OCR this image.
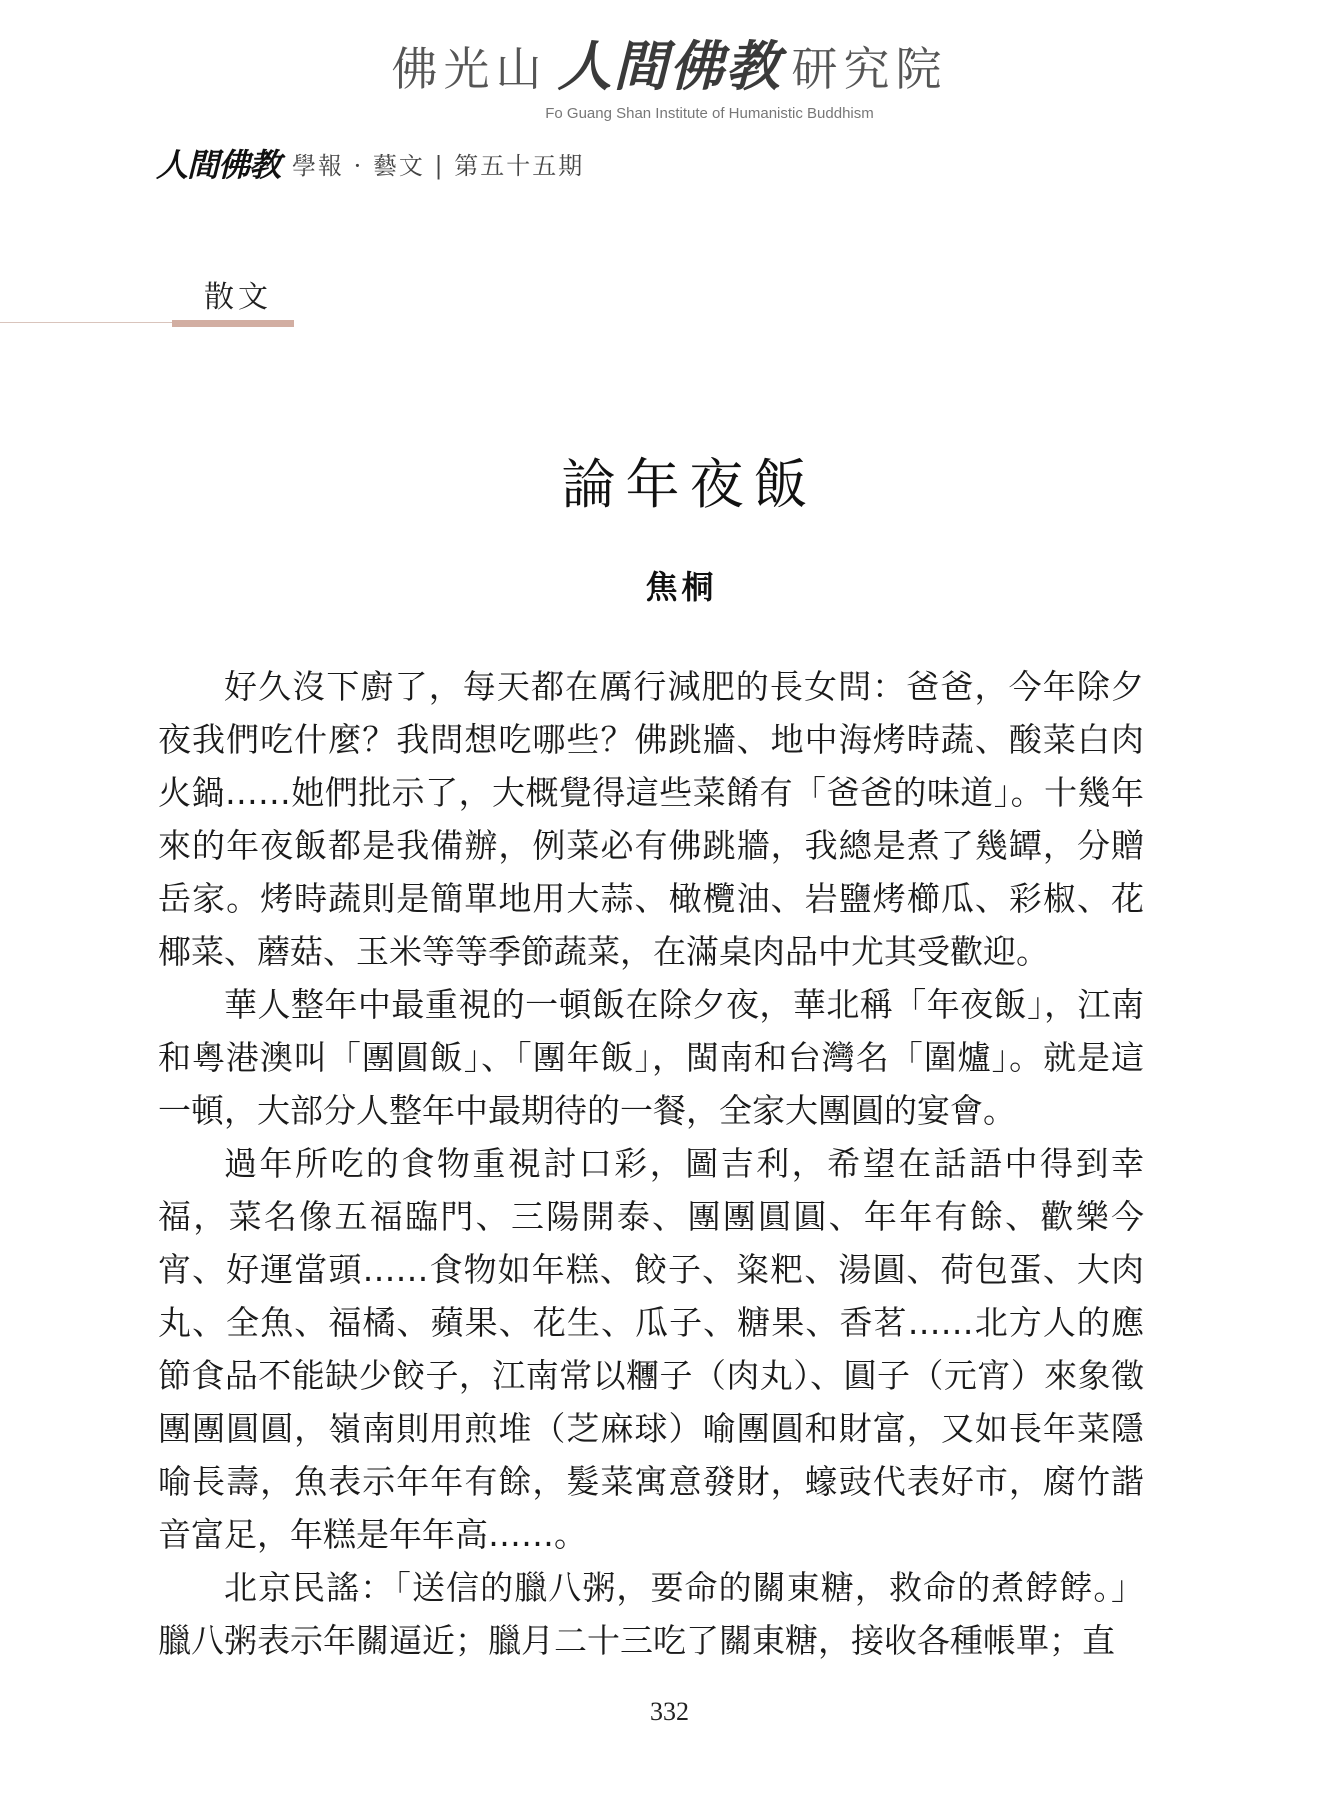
佛光山 人間佛教 研究院
Fo Guang Shan Institute of Humanistic Buddhism
人間佛教 學報 · 藝文 | 第五十五期
散文
論年夜飯
焦桐

好久沒下廚了，每天都在厲行減肥的長女問：爸爸，今年除夕夜我們吃什麼？我問想吃哪些？佛跳牆、地中海烤時蔬、酸菜白肉火鍋……她們批示了，大概覺得這些菜餚有「爸爸的味道」。十幾年來的年夜飯都是我備辦，例菜必有佛跳牆，我總是煮了幾罈，分贈岳家。烤時蔬則是簡單地用大蒜、橄欖油、岩鹽烤櫛瓜、彩椒、花椰菜、蘑菇、玉米等等季節蔬菜，在滿桌肉品中尤其受歡迎。

華人整年中最重視的一頓飯在除夕夜，華北稱「年夜飯」，江南和粵港澳叫「團圓飯」、「團年飯」，閩南和台灣名「圍爐」。就是這一頓，大部分人整年中最期待的一餐，全家大團圓的宴會。

過年所吃的食物重視討口彩，圖吉利，希望在話語中得到幸福，菜名像五福臨門、三陽開泰、團團圓圓、年年有餘、歡樂今宵、好運當頭……食物如年糕、餃子、粢粑、湯圓、荷包蛋、大肉丸、全魚、福橘、蘋果、花生、瓜子、糖果、香茗……北方人的應節食品不能缺少餃子，江南常以糰子（肉丸）、圓子（元宵）來象徵團團圓圓，嶺南則用煎堆（芝麻球）喻團圓和財富，又如長年菜隱喻長壽，魚表示年年有餘，髮菜寓意發財，蠔豉代表好市，腐竹諧音富足，年糕是年年高……。

北京民謠：「送信的臘八粥，要命的關東糖，救命的煮餑餑。」臘八粥表示年關逼近；臘月二十三吃了關東糖，接收各種帳單；直

332
